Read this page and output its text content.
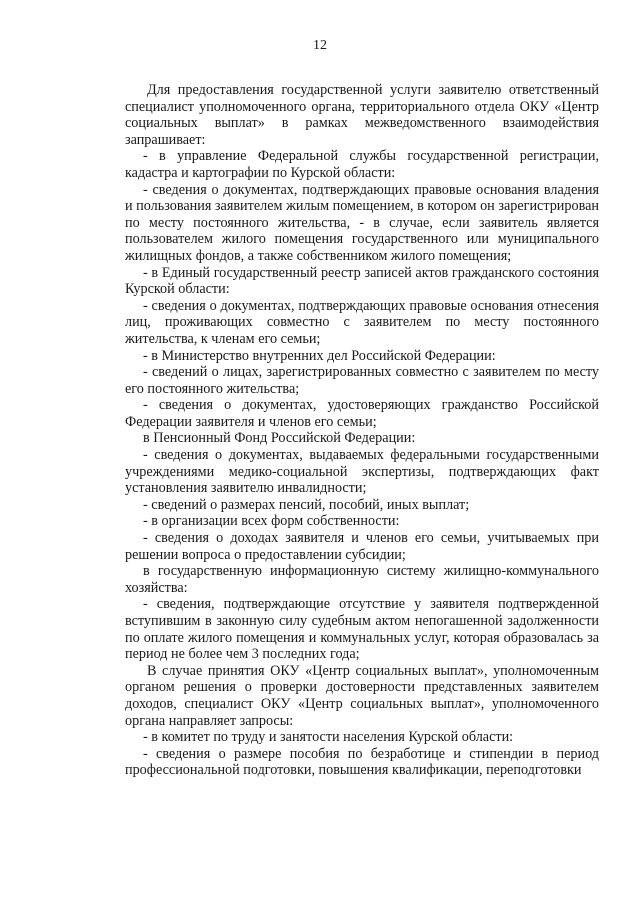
12

Для предоставления государственной услуги заявителю ответственный специалист уполномоченного органа, территориального отдела ОКУ «Центр социальных выплат» в рамках межведомственного взаимодействия запрашивает:

- в управление Федеральной службы государственной регистрации, кадастра и картографии по Курской области:

- сведения о документах, подтверждающих правовые основания владения и пользования заявителем жилым помещением, в котором он зарегистрирован по месту постоянного жительства, - в случае, если заявитель является пользователем жилого помещения государственного или муниципального жилищных фондов, а также собственником жилого помещения;

- в Единый государственный реестр записей актов гражданского состояния Курской области:

- сведения о документах, подтверждающих правовые основания отнесения лиц, проживающих совместно с заявителем по месту постоянного жительства, к членам его семьи;

- в Министерство внутренних дел Российской Федерации:

- сведений о лицах, зарегистрированных совместно с заявителем по месту его постоянного жительства;

- сведения о документах, удостоверяющих гражданство Российской Федерации заявителя и членов его семьи;

в Пенсионный Фонд Российской Федерации:

- сведения о документах, выдаваемых федеральными государственными учреждениями медико-социальной экспертизы, подтверждающих факт установления заявителю инвалидности;

- сведений о размерах пенсий, пособий, иных выплат;

- в организации всех форм собственности:

- сведения о доходах заявителя и членов его семьи, учитываемых при решении вопроса о предоставлении субсидии;

в государственную информационную систему жилищно-коммунального хозяйства:

- сведения, подтверждающие отсутствие у заявителя подтвержденной вступившим в законную силу судебным актом непогашенной задолженности по оплате жилого помещения и коммунальных услуг, которая образовалась за период не более чем 3 последних года;

В случае принятия ОКУ «Центр социальных выплат», уполномоченным органом решения о проверки достоверности представленных заявителем доходов, специалист ОКУ «Центр социальных выплат», уполномоченного органа направляет запросы:

- в комитет по труду и занятости населения Курской области:

- сведения о размере пособия по безработице и стипендии в период профессиональной подготовки, повышения квалификации, переподготовки
